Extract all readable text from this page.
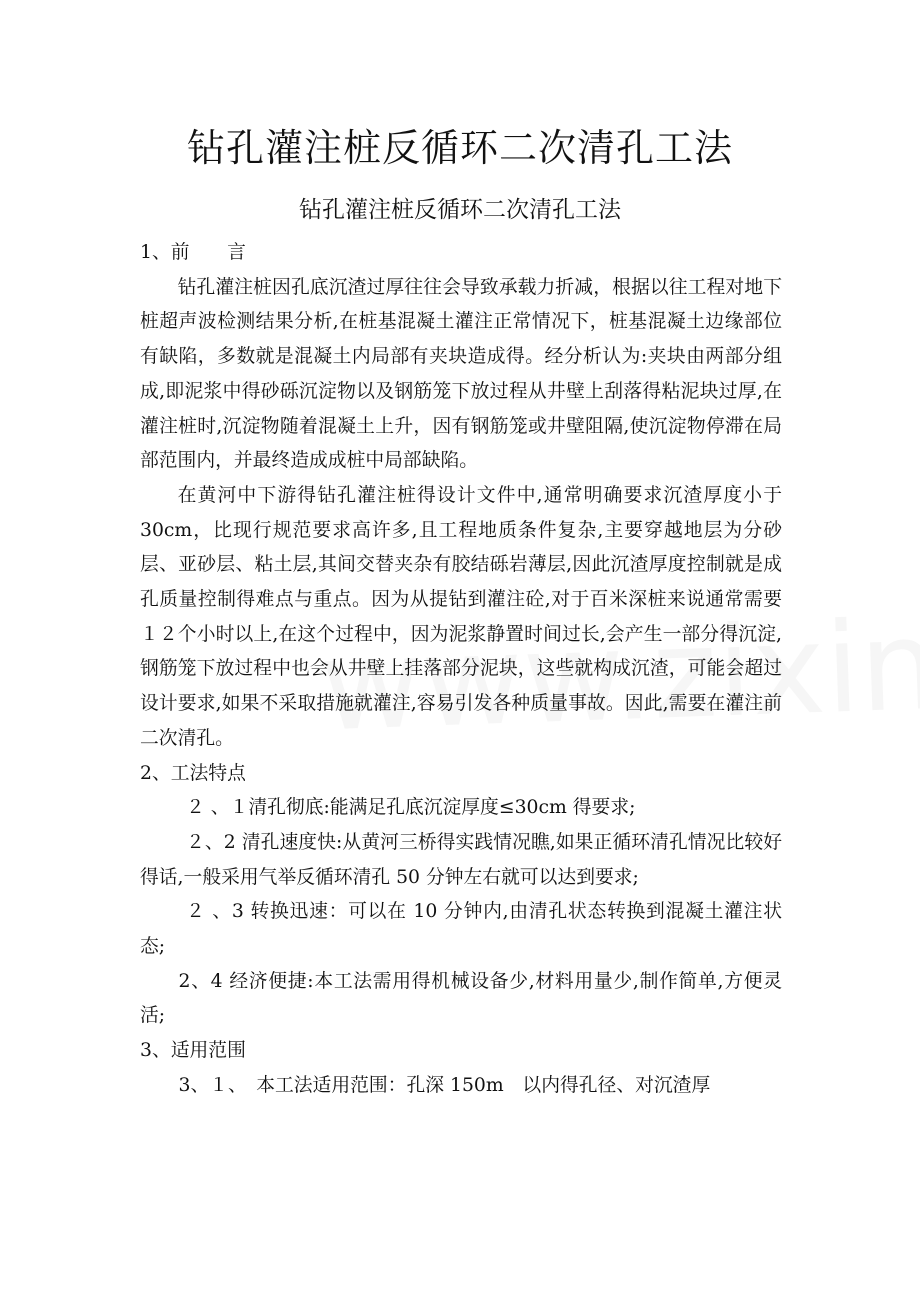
钻孔灌注桩反循环二次清孔工法
钻孔灌注桩反循环二次清孔工法

1、前　　言

钻孔灌注桩因孔底沉渣过厚往往会导致承载力折减，根据以往工程对地下桩超声波检测结果分析,在桩基混凝土灌注正常情况下，桩基混凝土边缘部位有缺陷，多数就是混凝土内局部有夹块造成得。经分析认为:夹块由两部分组成,即泥浆中得砂砾沉淀物以及钢筋笼下放过程从井壁上刮落得粘泥块过厚,在灌注桩时,沉淀物随着混凝土上升，因有钢筋笼或井壁阻隔,使沉淀物停滞在局部范围内，并最终造成成桩中局部缺陷。

在黄河中下游得钻孔灌注桩得设计文件中,通常明确要求沉渣厚度小于 30cm，比现行规范要求高许多,且工程地质条件复杂,主要穿越地层为分砂层、亚砂层、粘土层,其间交替夹杂有胶结砾岩薄层,因此沉渣厚度控制就是成孔质量控制得难点与重点。因为从提钻到灌注砼,对于百米深桩来说通常需要１２个小时以上,在这个过程中，因为泥浆静置时间过长,会产生一部分得沉淀,钢筋笼下放过程中也会从井壁上挂落部分泥块，这些就构成沉渣，可能会超过设计要求,如果不采取措施就灌注,容易引发各种质量事故。因此,需要在灌注前二次清孔。

2、工法特点

２ 、１清孔彻底:能满足孔底沉淀厚度≤30cm 得要求;

２、2 清孔速度快:从黄河三桥得实践情况瞧,如果正循环清孔情况比较好得话,一般采用气举反循环清孔 50 分钟左右就可以达到要求;

２ 、3 转换迅速：可以在 10 分钟内,由清孔状态转换到混凝土灌注状态;

2、4 经济便捷:本工法需用得机械设备少,材料用量少,制作简单,方便灵活;

3、适用范围

3、１、　本工法适用范围：孔深 150m　以内得孔径、对沉渣厚
